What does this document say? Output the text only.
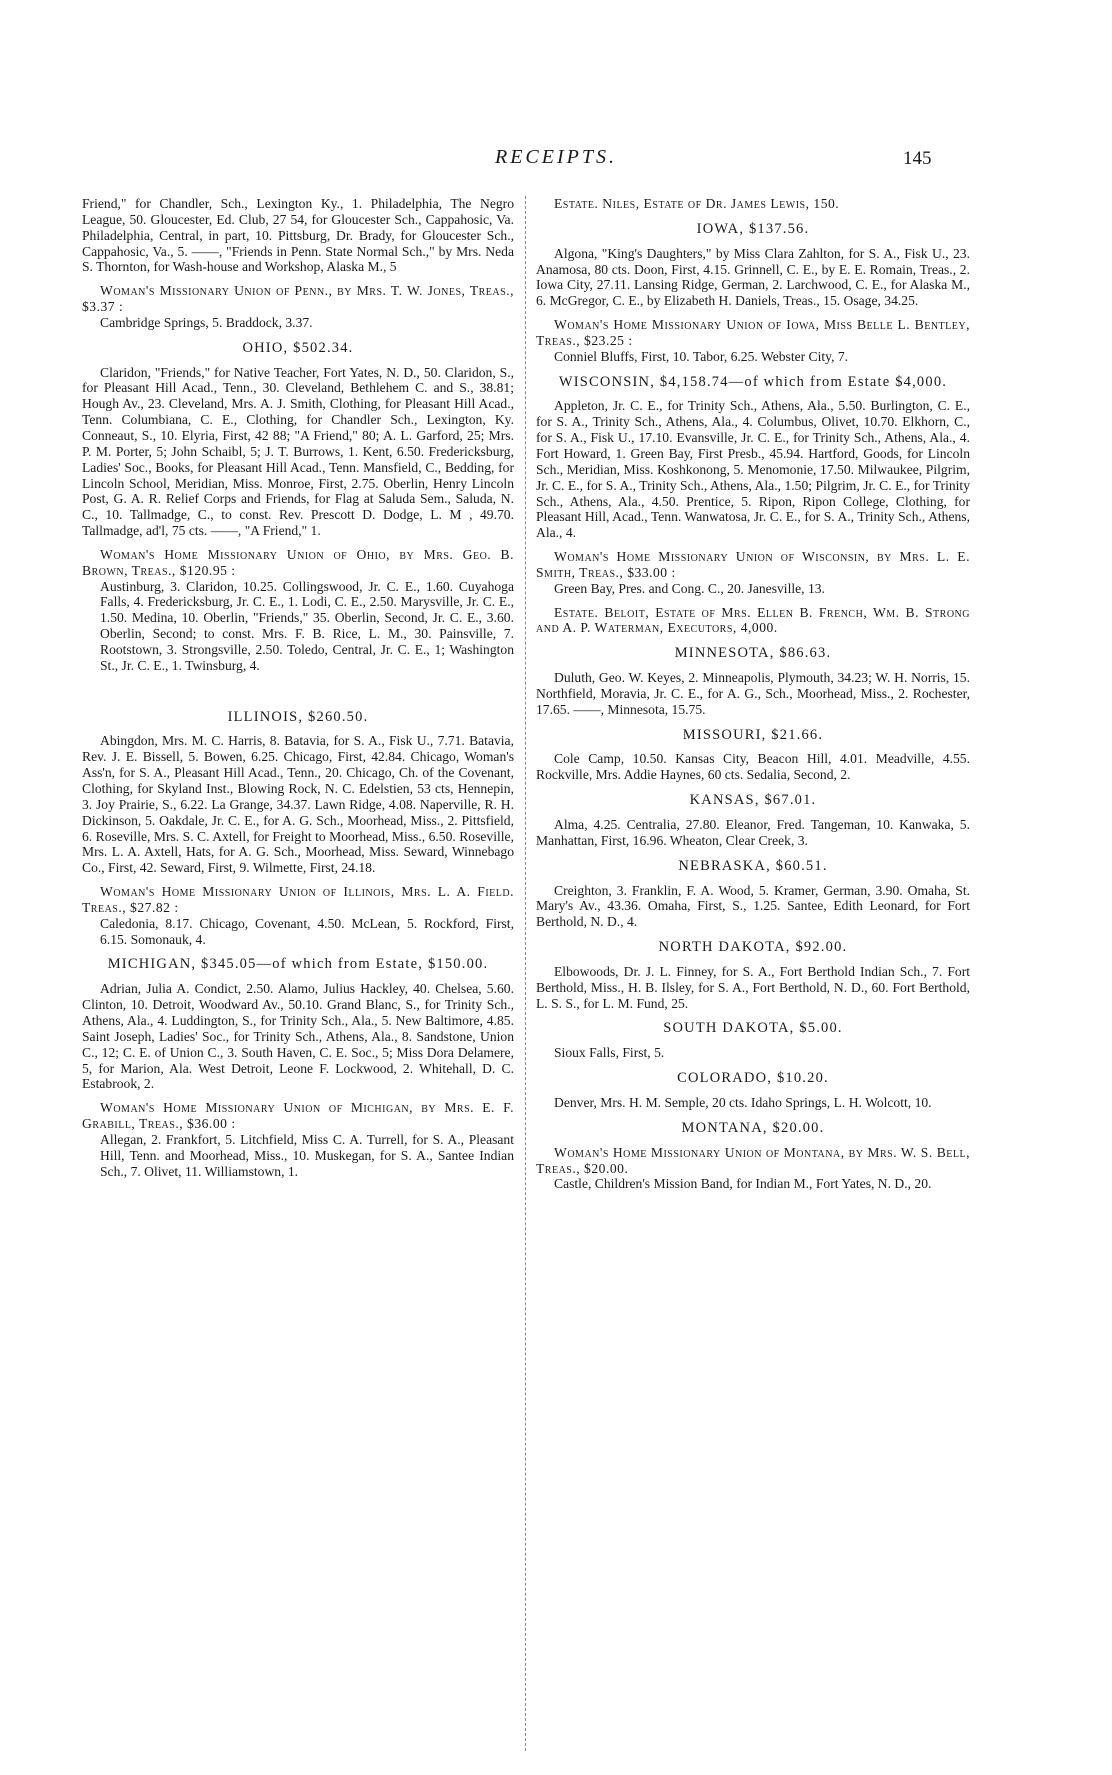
RECEIPTS.	145

Friend," for Chandler, Sch., Lexington Ky., 1. Philadelphia, The Negro League, 50. Gloucester, Ed. Club, 27 54, for Gloucester Sch., Cappahosic, Va. Philadelphia, Central, in part, 10. Pittsburg, Dr. Brady, for Gloucester Sch., Cappahosic, Va., 5. ——, "Friends in Penn. State Normal Sch.," by Mrs. Neda S. Thornton, for Wash-house and Workshop, Alaska M., 5

Woman's Missionary Union of Penn., by Mrs. T. W. Jones, Treas., $3.37 :

Cambridge Springs, 5. Braddock, 3.37.

OHIO, $502.34.

Claridon, "Friends," for Native Teacher, Fort Yates, N. D., 50. Claridon, S., for Pleasant Hill Acad., Tenn., 30. Cleveland, Bethlehem C. and S., 38.81; Hough Av., 23. Cleveland, Mrs. A. J. Smith, Clothing, for Pleasant Hill Acad., Tenn. Columbiana, C. E., Clothing, for Chandler Sch., Lexington, Ky. Conneaut, S., 10. Elyria, First, 42 88; "A Friend," 80; A. L. Garford, 25; Mrs. P. M. Porter, 5; John Schaibl, 5; J. T. Burrows, 1. Kent, 6.50. Fredericksburg, Ladies' Soc., Books, for Pleasant Hill Acad., Tenn. Mansfield, C., Bedding, for Lincoln School, Meridian, Miss. Monroe, First, 2.75. Oberlin, Henry Lincoln Post, G. A. R. Relief Corps and Friends, for Flag at Saluda Sem., Saluda, N. C., 10. Tallmadge, C., to const. Rev. Prescott D. Dodge, L. M , 49.70. Tallmadge, ad'l, 75 cts. ——, "A Friend," 1.

Woman's Home Missionary Union of Ohio, by Mrs. Geo. B. Brown, Treas., $120.95 :

Austinburg, 3. Claridon, 10.25. Collingswood, Jr. C. E., 1.60. Cuyahoga Falls, 4. Fredericksburg, Jr. C. E., 1. Lodi, C. E., 2.50. Marysville, Jr. C. E., 1.50. Medina, 10. Oberlin, "Friends," 35. Oberlin, Second, Jr. C. E., 3.60. Oberlin, Second; to const. Mrs. F. B. Rice, L. M., 30. Painsville, 7. Rootstown, 3. Strongsville, 2.50. Toledo, Central, Jr. C. E., 1; Washington St., Jr. C. E., 1. Twinsburg, 4.

ILLINOIS, $260.50.

Abingdon, Mrs. M. C. Harris, 8. Batavia, for S. A., Fisk U., 7.71. Batavia, Rev. J. E. Bissell, 5. Bowen, 6.25. Chicago, First, 42.84. Chicago, Woman's Ass'n, for S. A., Pleasant Hill Acad., Tenn., 20. Chicago, Ch. of the Covenant, Clothing, for Skyland Inst., Blowing Rock, N. C. Edelstien, 53 cts, Hennepin, 3. Joy Prairie, S., 6.22. La Grange, 34.37. Lawn Ridge, 4.08. Naperville, R. H. Dickinson, 5. Oakdale, Jr. C. E., for A. G. Sch., Moorhead, Miss., 2. Pittsfield, 6. Roseville, Mrs. S. C. Axtell, for Freight to Moorhead, Miss., 6.50. Roseville, Mrs. L. A. Axtell, Hats, for A. G. Sch., Moorhead, Miss. Seward, Winnebago Co., First, 42. Seward, First, 9. Wilmette, First, 24.18.

Woman's Home Missionary Union of Illinois, Mrs. L. A. Field. Treas., $27.82 :

Caledonia, 8.17. Chicago, Covenant, 4.50. McLean, 5. Rockford, First, 6.15. Somonauk, 4.

MICHIGAN, $345.05—of which from Estate, $150.00.

Adrian, Julia A. Condict, 2.50. Alamo, Julius Hackley, 40. Chelsea, 5.60. Clinton, 10. Detroit, Woodward Av., 50.10. Grand Blanc, S., for Trinity Sch., Athens, Ala., 4. Luddington, S., for Trinity Sch., Ala., 5. New Baltimore, 4.85. Saint Joseph, Ladies' Soc., for Trinity Sch., Athens, Ala., 8. Sandstone, Union C., 12; C. E. of Union C., 3. South Haven, C. E. Soc., 5; Miss Dora Delamere, 5, for Marion, Ala. West Detroit, Leone F. Lockwood, 2. Whitehall, D. C. Estabrook, 2.

Woman's Home Missionary Union of Michigan, by Mrs. E. F. Grabill, Treas., $36.00 :

Allegan, 2. Frankfort, 5. Litchfield, Miss C. A. Turrell, for S. A., Pleasant Hill, Tenn. and Moorhead, Miss., 10. Muskegan, for S. A., Santee Indian Sch., 7. Olivet, 11. Williamstown, 1.

Estate. Niles, Estate of Dr. James Lewis, 150.

IOWA, $137.56.

Algona, "King's Daughters," by Miss Clara Zahlton, for S. A., Fisk U., 23. Anamosa, 80 cts. Doon, First, 4.15. Grinnell, C. E., by E. E. Romain, Treas., 2. Iowa City, 27.11. Lansing Ridge, German, 2. Larchwood, C. E., for Alaska M., 6. McGregor, C. E., by Elizabeth H. Daniels, Treas., 15. Osage, 34.25.

Woman's Home Missionary Union of Iowa, Miss Belle L. Bentley, Treas., $23.25 :

Conniel Bluffs, First, 10. Tabor, 6.25. Webster City, 7.

WISCONSIN, $4,158.74—of which from Estate $4,000.

Appleton, Jr. C. E., for Trinity Sch., Athens, Ala., 5.50. Burlington, C. E., for S. A., Trinity Sch., Athens, Ala., 4. Columbus, Olivet, 10.70. Elkhorn, C., for S. A., Fisk U., 17.10. Evansville, Jr. C. E., for Trinity Sch., Athens, Ala., 4. Fort Howard, 1. Green Bay, First Presb., 45.94. Hartford, Goods, for Lincoln Sch., Meridian, Miss. Koshkonong, 5. Menomonie, 17.50. Milwaukee, Pilgrim, Jr. C. E., for S. A., Trinity Sch., Athens, Ala., 1.50; Pilgrim, Jr. C. E., for Trinity Sch., Athens, Ala., 4.50. Prentice, 5. Ripon, Ripon College, Clothing, for Pleasant Hill, Acad., Tenn. Wanwatosa, Jr. C. E., for S. A., Trinity Sch., Athens, Ala., 4.

Woman's Home Missionary Union of Wisconsin, by Mrs. L. E. Smith, Treas., $33.00 :

Green Bay, Pres. and Cong. C., 20. Janesville, 13.

Estate. Beloit, Estate of Mrs. Ellen B. French, Wm. B. Strong and A. P. Waterman, Executors, 4,000.

MINNESOTA, $86.63.

Duluth, Geo. W. Keyes, 2. Minneapolis, Plymouth, 34.23; W. H. Norris, 15. Northfield, Moravia, Jr. C. E., for A. G., Sch., Moorhead, Miss., 2. Rochester, 17.65. ——, Minnesota, 15.75.

MISSOURI, $21.66.

Cole Camp, 10.50. Kansas City, Beacon Hill, 4.01. Meadville, 4.55. Rockville, Mrs. Addie Haynes, 60 cts. Sedalia, Second, 2.

KANSAS, $67.01.

Alma, 4.25. Centralia, 27.80. Eleanor, Fred. Tangeman, 10. Kanwaka, 5. Manhattan, First, 16.96. Wheaton, Clear Creek, 3.

NEBRASKA, $60.51.

Creighton, 3. Franklin, F. A. Wood, 5. Kramer, German, 3.90. Omaha, St. Mary's Av., 43.36. Omaha, First, S., 1.25. Santee, Edith Leonard, for Fort Berthold, N. D., 4.

NORTH DAKOTA, $92.00.

Elbowoods, Dr. J. L. Finney, for S. A., Fort Berthold Indian Sch., 7. Fort Berthold, Miss., H. B. Ilsley, for S. A., Fort Berthold, N. D., 60. Fort Berthold, L. S. S., for L. M. Fund, 25.

SOUTH DAKOTA, $5.00.

Sioux Falls, First, 5.

COLORADO, $10.20.

Denver, Mrs. H. M. Semple, 20 cts. Idaho Springs, L. H. Wolcott, 10.

MONTANA, $20.00.

Woman's Home Missionary Union of Montana, by Mrs. W. S. Bell, Treas., $20.00.

Castle, Children's Mission Band, for Indian M., Fort Yates, N. D., 20.
